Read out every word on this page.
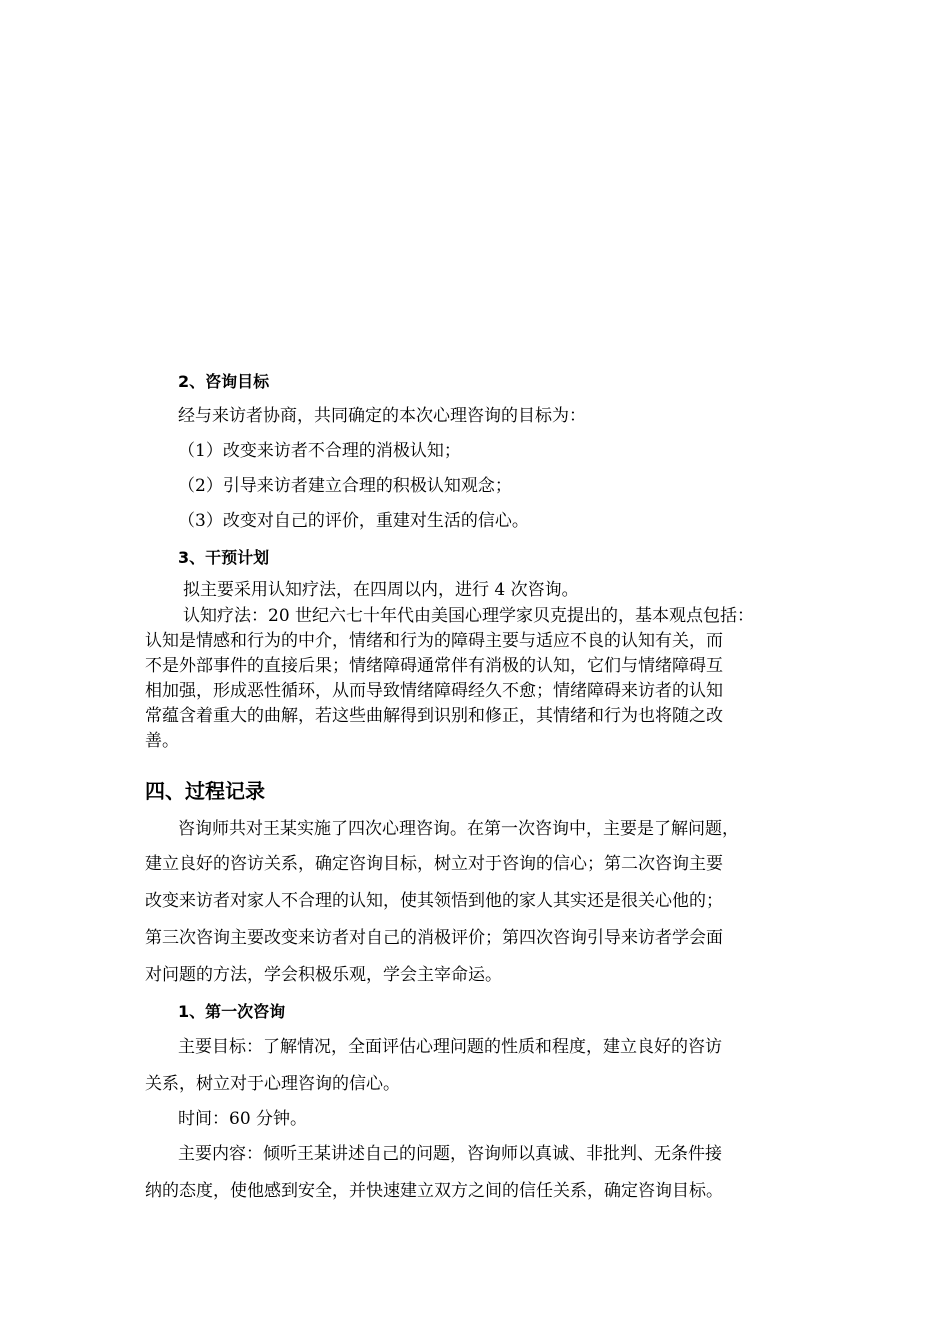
2、咨询目标
经与来访者协商，共同确定的本次心理咨询的目标为：
（1）改变来访者不合理的消极认知；
（2）引导来访者建立合理的积极认知观念；
（3）改变对自己的评价，重建对生活的信心。
3、干预计划
拟主要采用认知疗法，在四周以内，进行 4 次咨询。
认知疗法：20 世纪六七十年代由美国心理学家贝克提出的，基本观点包括：
认知是情感和行为的中介，情绪和行为的障碍主要与适应不良的认知有关，而
不是外部事件的直接后果；情绪障碍通常伴有消极的认知，它们与情绪障碍互
相加强，形成恶性循环，从而导致情绪障碍经久不愈；情绪障碍来访者的认知
常蕴含着重大的曲解，若这些曲解得到识别和修正，其情绪和行为也将随之改
善。
四、过程记录
咨询师共对王某实施了四次心理咨询。在第一次咨询中，主要是了解问题，
建立良好的咨访关系，确定咨询目标，树立对于咨询的信心；第二次咨询主要
改变来访者对家人不合理的认知，使其领悟到他的家人其实还是很关心他的；
第三次咨询主要改变来访者对自己的消极评价；第四次咨询引导来访者学会面
对问题的方法，学会积极乐观，学会主宰命运。
1、第一次咨询
主要目标：了解情况，全面评估心理问题的性质和程度，建立良好的咨访
关系，树立对于心理咨询的信心。
时间：60 分钟。
主要内容：倾听王某讲述自己的问题，咨询师以真诚、非批判、无条件接
纳的态度，使他感到安全，并快速建立双方之间的信任关系，确定咨询目标。
